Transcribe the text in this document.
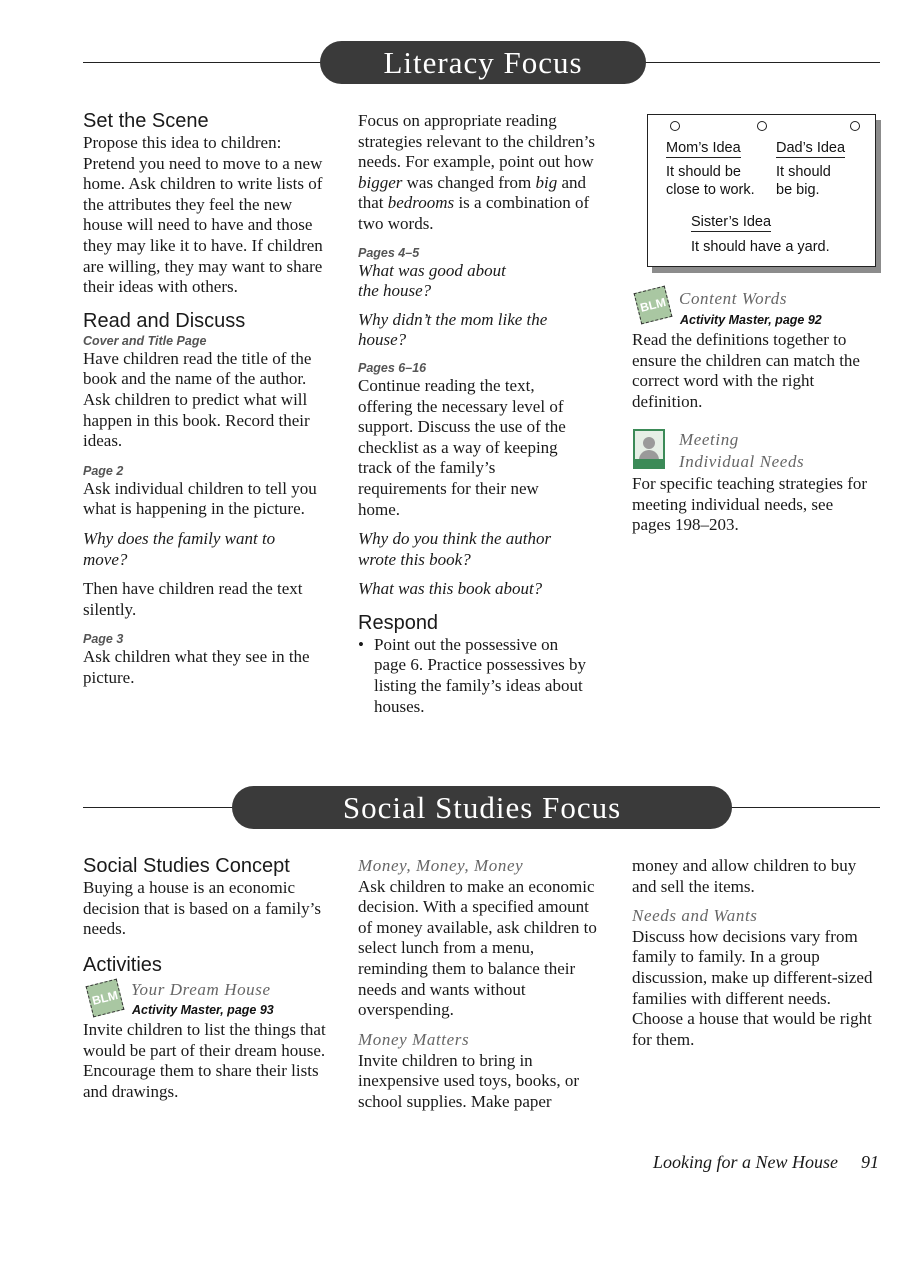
Literacy Focus

Set the Scene

Propose this idea to children: Pretend you need to move to a new home. Ask children to write lists of the attributes they feel the new house will need to have and those they may like it to have. If children are willing, they may want to share their ideas with others.

Read and Discuss

Cover and Title Page

Have children read the title of the book and the name of the author. Ask children to predict what will happen in this book. Record their ideas.

Page 2

Ask individual children to tell you what is happening in the picture.

Why does the family want to move?

Then have children read the text silently.

Page 3

Ask children what they see in the picture.

Focus on appropriate reading strategies relevant to the children’s needs. For example, point out how bigger was changed from big and that bedrooms is a combination of two words.

Pages 4–5

What was good about the house?

Why didn’t the mom like the house?

Pages 6–16

Continue reading the text, offering the necessary level of support. Discuss the use of the checklist as a way of keeping track of the family’s requirements for their new home.

Why do you think the author wrote this book?

What was this book about?

Respond

• Point out the possessive on page 6. Practice possessives by listing the family’s ideas about houses.
Mom’s Idea
It should be
close to work.
Dad’s Idea
It should
be big.
Sister’s Idea
It should have a yard.
BLM Content Words
Activity Master, page 92
Read the definitions together to ensure the children can match the correct word with the right definition.
Meeting
Individual Needs
For specific teaching strategies for meeting individual needs, see pages 198–203.
Social Studies Focus

Social Studies Concept

Buying a house is an economic decision that is based on a family’s needs.

Activities

BLM Your Dream House
Activity Master, page 93
Invite children to list the things that would be part of their dream house. Encourage them to share their lists and drawings.

Money, Money, Money

Ask children to make an economic decision. With a specified amount of money available, ask children to select lunch from a menu, reminding them to balance their needs and wants without overspending.

Money Matters

Invite children to bring in inexpensive used toys, books, or school supplies. Make paper

money and allow children to buy and sell the items.

Needs and Wants

Discuss how decisions vary from family to family. In a group discussion, make up different-sized families with different needs. Choose a house that would be right for them.

Looking for a New House 91
